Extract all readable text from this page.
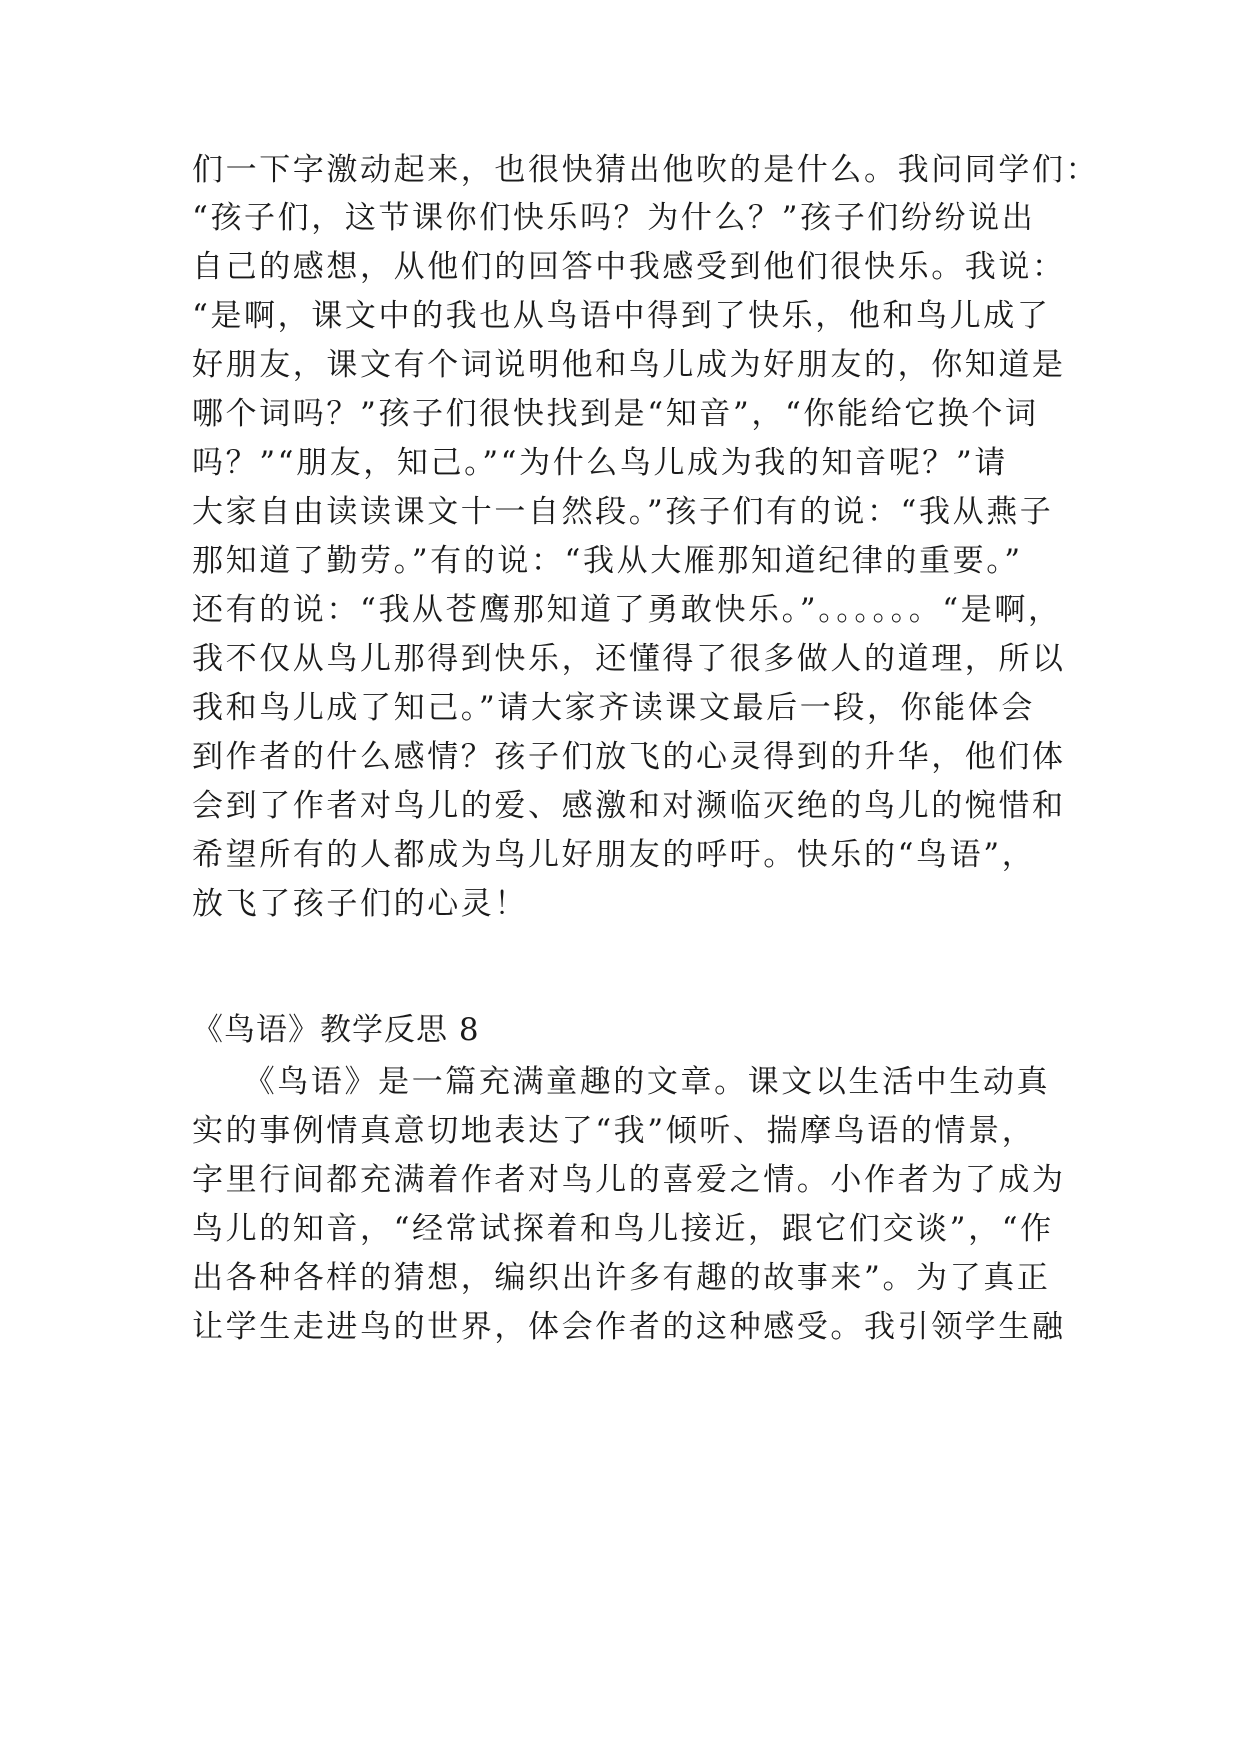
们一下字激动起来，也很快猜出他吹的是什么。我问同学们：
“孩子们，这节课你们快乐吗？为什么？”孩子们纷纷说出
自己的感想，从他们的回答中我感受到他们很快乐。我说：
“是啊，课文中的我也从鸟语中得到了快乐，他和鸟儿成了
好朋友，课文有个词说明他和鸟儿成为好朋友的，你知道是
哪个词吗？”孩子们很快找到是“知音”，“你能给它换个词
吗？”“朋友，知己。”“为什么鸟儿成为我的知音呢？”请
大家自由读读课文十一自然段。”孩子们有的说：“我从燕子
那知道了勤劳。”有的说：“我从大雁那知道纪律的重要。”
还有的说：“我从苍鹰那知道了勇敢快乐。”。。。。。。“是啊，
我不仅从鸟儿那得到快乐，还懂得了很多做人的道理，所以
我和鸟儿成了知己。”请大家齐读课文最后一段，你能体会
到作者的什么感情？孩子们放飞的心灵得到的升华，他们体
会到了作者对鸟儿的爱、感激和对濒临灭绝的鸟儿的惋惜和
希望所有的人都成为鸟儿好朋友的呼吁。快乐的“鸟语”，
放飞了孩子们的心灵！
《鸟语》教学反思 8
　　《鸟语》是一篇充满童趣的文章。课文以生活中生动真
实的事例情真意切地表达了“我”倾听、揣摩鸟语的情景，
字里行间都充满着作者对鸟儿的喜爱之情。小作者为了成为
鸟儿的知音，“经常试探着和鸟儿接近，跟它们交谈”，“作
出各种各样的猜想，编织出许多有趣的故事来”。为了真正
让学生走进鸟的世界，体会作者的这种感受。我引领学生融
